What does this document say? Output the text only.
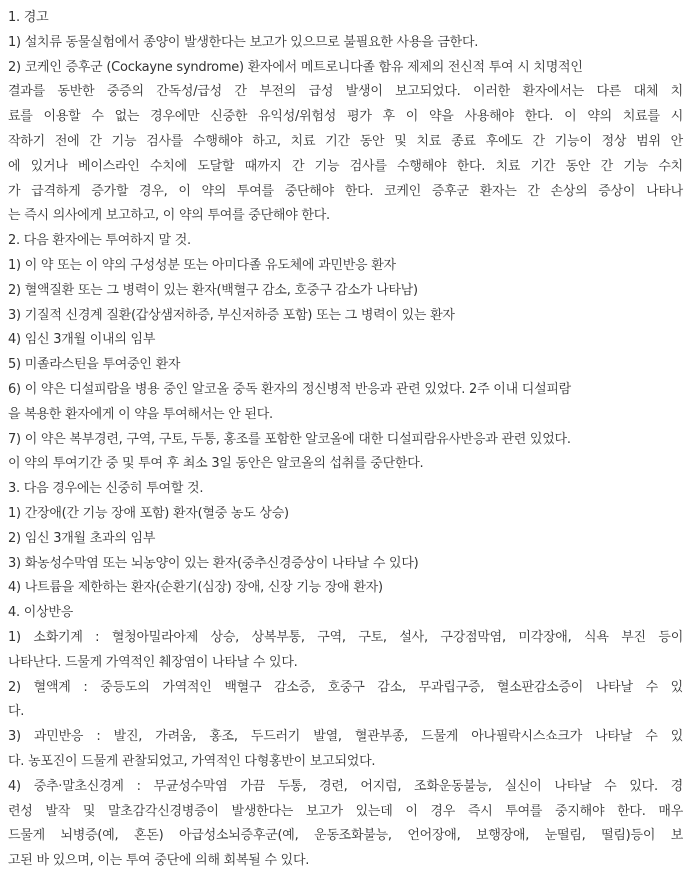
1. 경고
1) 설치류 동물실험에서 종양이 발생한다는 보고가 있으므로 불필요한 사용을 금한다.
2) 코케인 증후군 (Cockayne syndrome) 환자에서 메트로니다졸 함유 제제의 전신적 투여 시 치명적인
결과를 동반한 중증의 간독성/급성 간 부전의 급성 발생이 보고되었다. 이러한 환자에서는 다른 대체 치
료를 이용할 수 없는 경우에만 신중한 유익성/위험성 평가 후 이 약을 사용해야 한다. 이 약의 치료를 시
작하기 전에 간 기능 검사를 수행해야 하고, 치료 기간 동안 및 치료 종료 후에도 간 기능이 정상 범위 안
에 있거나 베이스라인 수치에 도달할 때까지 간 기능 검사를 수행해야 한다. 치료 기간 동안 간 기능 수치
가 급격하게 증가할 경우, 이 약의 투여를 중단해야 한다. 코케인 증후군 환자는 간 손상의 증상이 나타나
는 즉시 의사에게 보고하고, 이 약의 투여를 중단해야 한다.
2. 다음 환자에는 투여하지 말 것.
1) 이 약 또는 이 약의 구성성분 또는 아미다졸 유도체에 과민반응 환자
2) 혈액질환 또는 그 병력이 있는 환자(백혈구 감소, 호중구 감소가 나타남)
3) 기질적 신경계 질환(갑상샘저하증, 부신저하증 포함) 또는 그 병력이 있는 환자
4) 임신 3개월 이내의 임부
5) 미졸라스틴을 투여중인 환자
6) 이 약은 디설피람을 병용 중인 알코올 중독 환자의 정신병적 반응과 관련 있었다. 2주 이내 디설피람
을 복용한 환자에게 이 약을 투여해서는 안 된다.
7) 이 약은 복부경련, 구역, 구토, 두통, 홍조를 포함한 알코올에 대한 디설피람유사반응과 관련 있었다.
이 약의 투여기간 중 및 투여 후 최소 3일 동안은 알코올의 섭취를 중단한다.
3. 다음 경우에는 신중히 투여할 것.
1) 간장애(간 기능 장애 포함) 환자(혈중 농도 상승)
2) 임신 3개월 초과의 임부
3) 화농성수막염 또는 뇌농양이 있는 환자(중추신경증상이 나타날 수 있다)
4) 나트륨을 제한하는 환자(순환기(심장) 장애, 신장 기능 장애 환자)
4. 이상반응
1) 소화기계 : 혈청아밀라아제 상승, 상복부통, 구역, 구토, 설사, 구강점막염, 미각장애, 식욕 부진 등이
나타난다. 드물게 가역적인 췌장염이 나타날 수 있다.
2) 혈액계 : 중등도의 가역적인 백혈구 감소증, 호중구 감소, 무과립구증, 혈소판감소증이 나타날 수 있
다.
3) 과민반응 : 발진, 가려움, 홍조, 두드러기 발열, 혈관부종, 드물게 아나필락시스쇼크가 나타날 수 있
다. 농포진이 드물게 관찰되었고, 가역적인 다형홍반이 보고되었다.
4) 중추·말초신경계 : 무균성수막염 가끔 두통, 경련, 어지럼, 조화운동불능, 실신이 나타날 수 있다. 경
련성 발작 및 말초감각신경병증이 발생한다는 보고가 있는데 이 경우 즉시 투여를 중지해야 한다. 매우
드물게 뇌병증(예, 혼돈) 아급성소뇌증후군(예, 운동조화불능, 언어장애, 보행장애, 눈떨림, 떨림)등이 보
고된 바 있으며, 이는 투여 중단에 의해 회복될 수 있다.
